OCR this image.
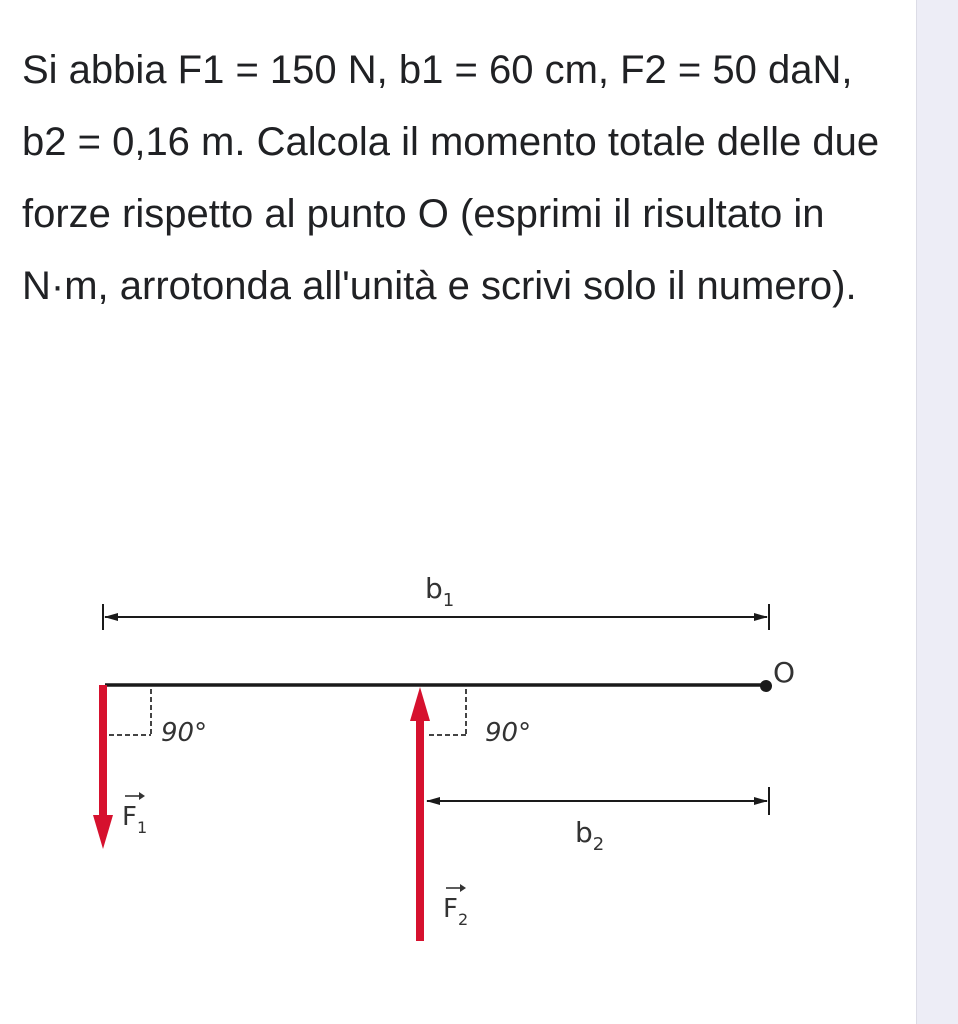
Si abbia F1 = 150 N, b1 = 60 cm, F2 = 50 daN, b2 = 0,16 m. Calcola il momento totale delle due forze rispetto al punto O (esprimi il risultato in N·m, arrotonda all'unità e scrivi solo il numero).

$b_1$
O
90°
$F_1$
90°
$b_2$
$F_2$
